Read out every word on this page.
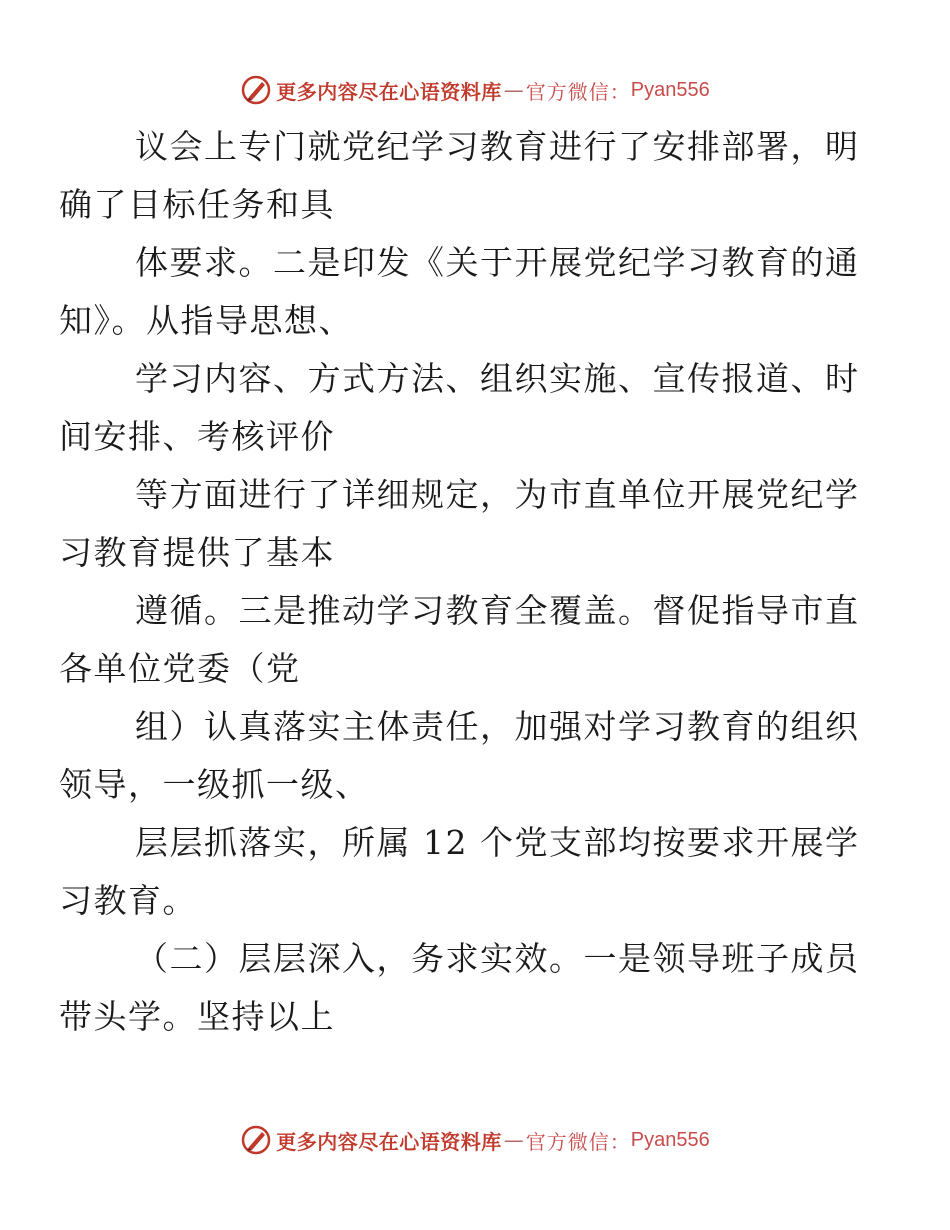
更多内容尽在心语资料库 — 官方微信： Pyan556

议会上专门就党纪学习教育进行了安排部署，明
确了目标任务和具

体要求。二是印发《关于开展党纪学习教育的通
知》。从指导思想、

学习内容、方式方法、组织实施、宣传报道、时
间安排、考核评价

等方面进行了详细规定，为市直单位开展党纪学
习教育提供了基本

遵循。三是推动学习教育全覆盖。督促指导市直
各单位党委（党

组）认真落实主体责任，加强对学习教育的组织
领导，一级抓一级、

层层抓落实，所属 12 个党支部均按要求开展学
习教育。

（二）层层深入，务求实效。一是领导班子成员
带头学。坚持以上

更多内容尽在心语资料库 — 官方微信： Pyan556
